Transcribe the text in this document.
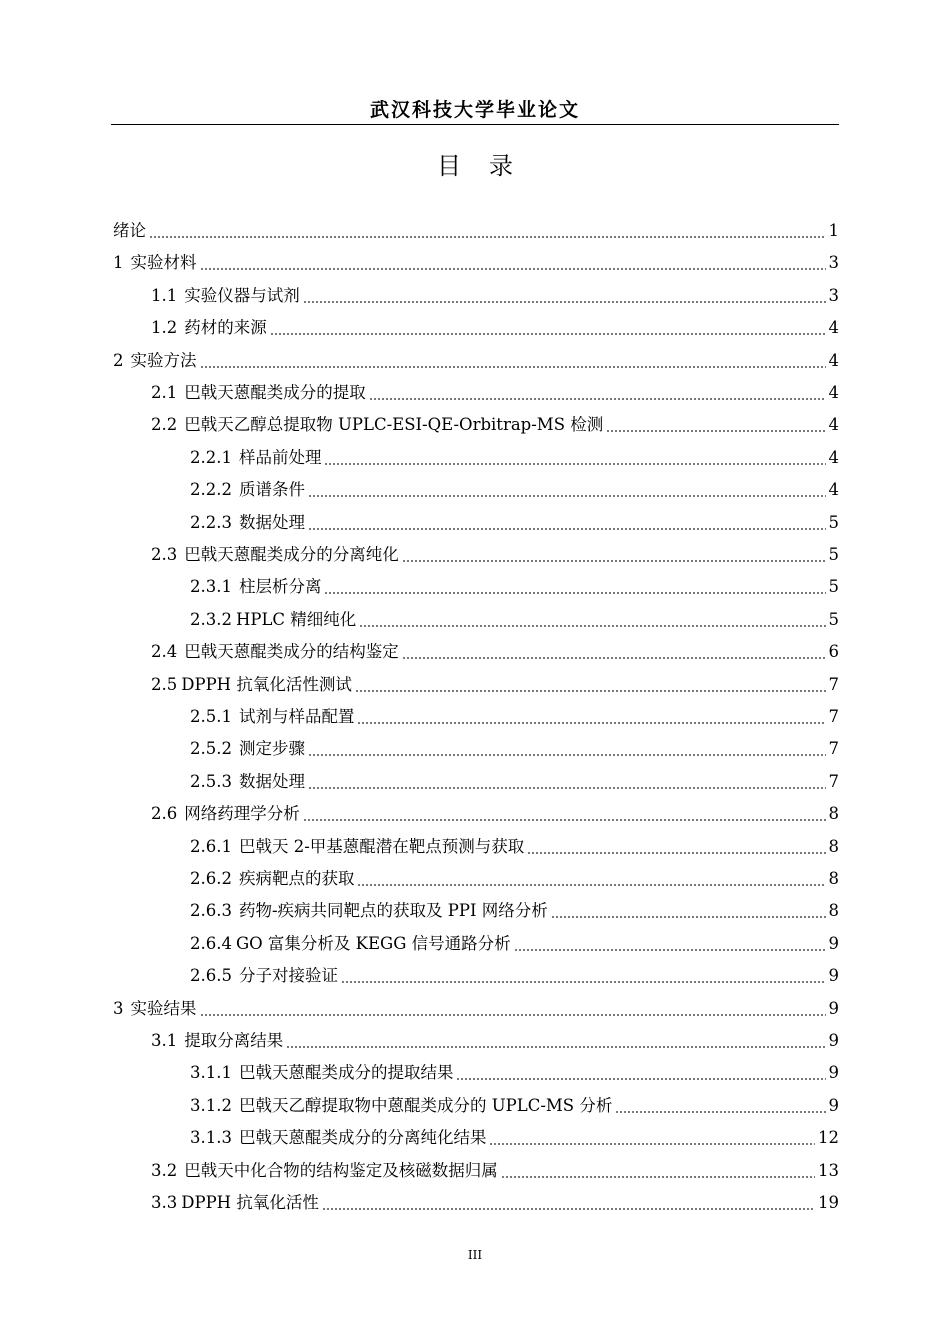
武汉科技大学毕业论文
目录
绪论	1
1 实验材料	3
1.1 实验仪器与试剂	3
1.2 药材的来源	4
2 实验方法	4
2.1 巴戟天蒽醌类成分的提取	4
2.2 巴戟天乙醇总提取物 UPLC-ESI-QE-Orbitrap-MS 检测	4
2.2.1 样品前处理	4
2.2.2 质谱条件	4
2.2.3 数据处理	5
2.3 巴戟天蒽醌类成分的分离纯化	5
2.3.1 柱层析分离	5
2.3.2 HPLC 精细纯化	5
2.4 巴戟天蒽醌类成分的结构鉴定	6
2.5 DPPH 抗氧化活性测试	7
2.5.1 试剂与样品配置	7
2.5.2 测定步骤	7
2.5.3 数据处理	7
2.6 网络药理学分析	8
2.6.1 巴戟天 2-甲基蒽醌潜在靶点预测与获取	8
2.6.2 疾病靶点的获取	8
2.6.3 药物-疾病共同靶点的获取及 PPI 网络分析	8
2.6.4 GO 富集分析及 KEGG 信号通路分析	9
2.6.5 分子对接验证	9
3 实验结果	9
3.1 提取分离结果	9
3.1.1 巴戟天蒽醌类成分的提取结果	9
3.1.2 巴戟天乙醇提取物中蒽醌类成分的 UPLC-MS 分析	9
3.1.3 巴戟天蒽醌类成分的分离纯化结果	12
3.2 巴戟天中化合物的结构鉴定及核磁数据归属	13
3.3 DPPH 抗氧化活性	19
III
